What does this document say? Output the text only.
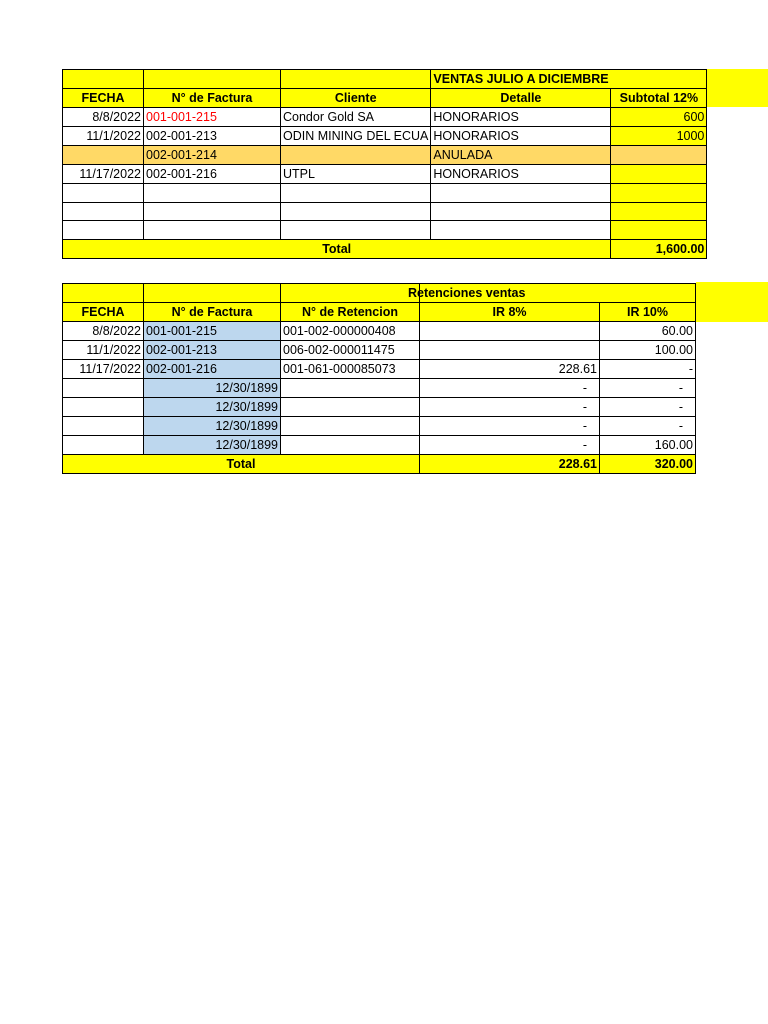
			VENTAS JULIO A DICIEMBRE	
FECHA	N° de Factura	Cliente	Detalle	Subtotal 12%
8/8/2022	001-001-215	Condor Gold SA	HONORARIOS	600
11/1/2022	002-001-213	ODIN MINING DEL ECUA	HONORARIOS	1000
	002-001-214		ANULADA	
11/17/2022	002-001-216	UTPL	HONORARIOS	

Total				1,600.00
			Retenciones ventas	
FECHA	N° de Factura	N° de Retencion	IR 8%	IR 10%
8/8/2022	001-001-215	001-002-000000408		60.00
11/1/2022	002-001-213	006-002-000011475		100.00
11/17/2022	002-001-216	001-061-000085073	228.61	-
	12/30/1899		-	-
	12/30/1899		-	-
	12/30/1899		-	-
	12/30/1899		-	160.00
Total			228.61	320.00
